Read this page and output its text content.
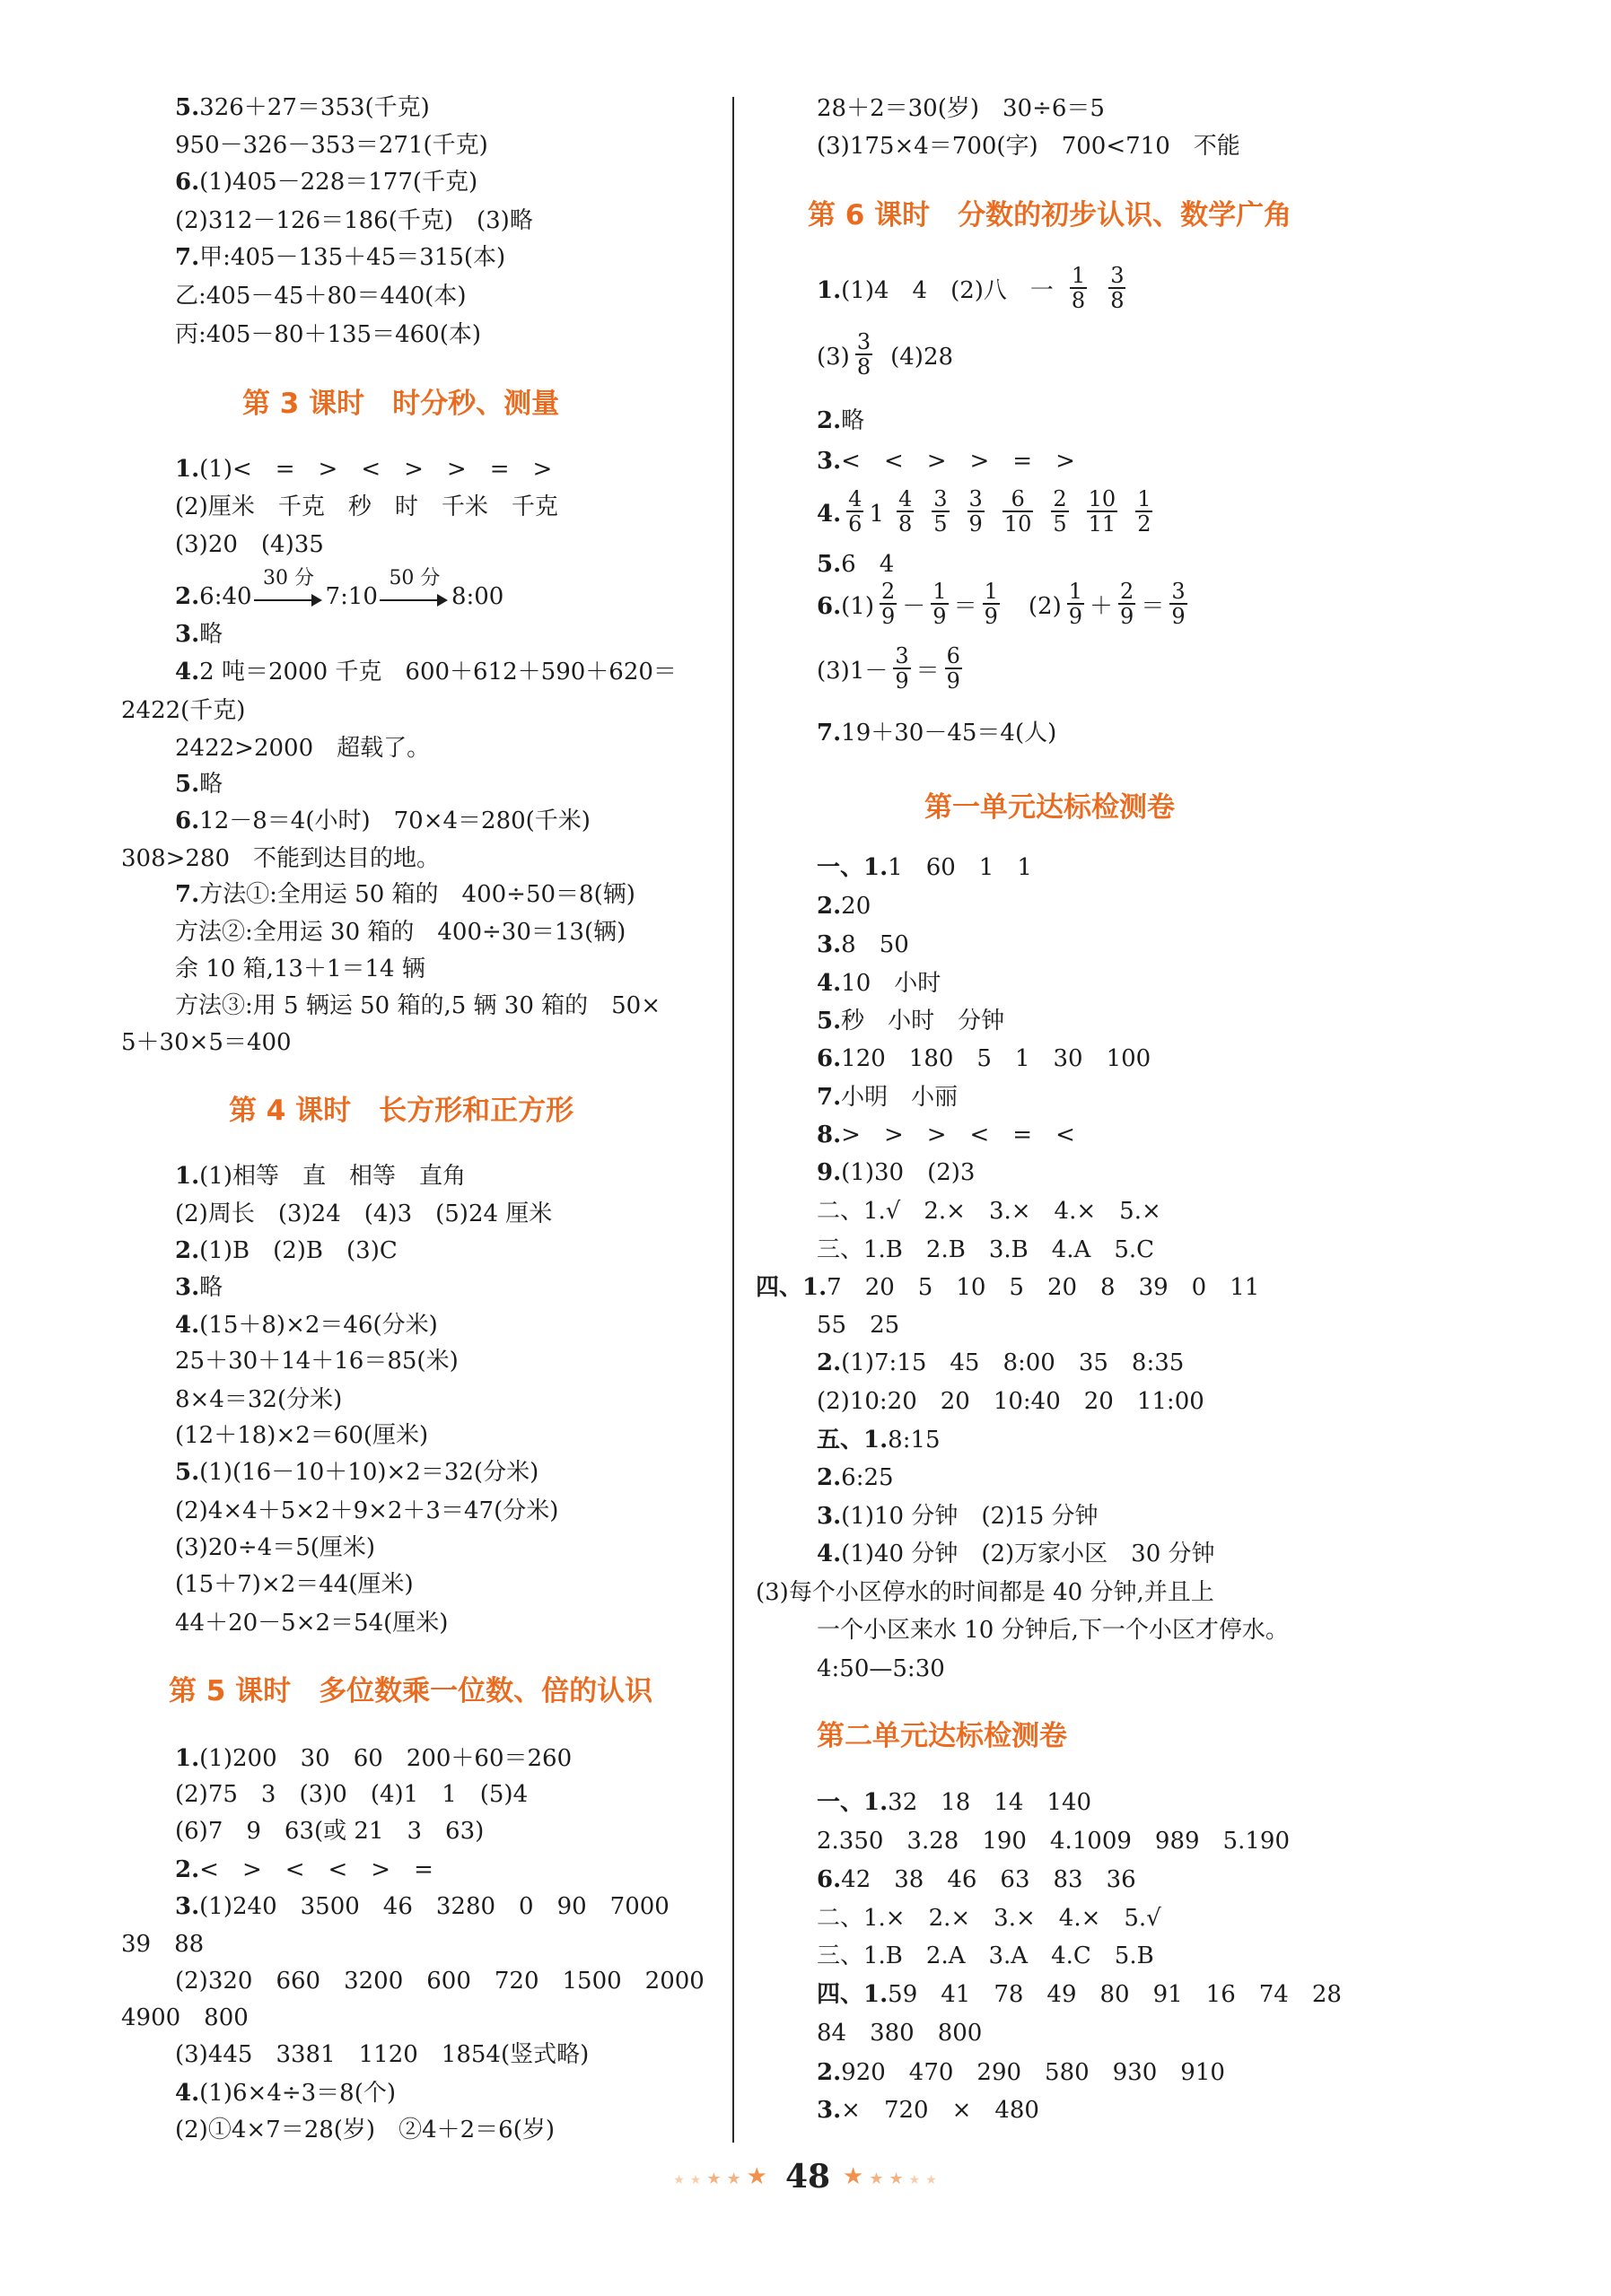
5.326＋27＝353(千克)
950－326－353＝271(千克)
6.(1)405－228＝177(千克)
(2)312－126＝186(千克)　(3)略
7.甲:405－135＋45＝315(本)
乙:405－45＋80＝440(本)
丙:405－80＋135＝460(本)
第 3 课时　时分秒、测量
1.(1)<　=　>　<　>　>　=　>
(2)厘米　千克　秒　时　千米　千克
(3)20　(4)35
2.6:40
30 分
7:10
50 分
8:00
3.略
4.2 吨＝2000 千克　600＋612＋590＋620＝
2422(千克)
2422>2000　超载了。
5.略
6.12－8＝4(小时)　70×4＝280(千米)
308>280　不能到达目的地。
7.方法①:全用运 50 箱的　400÷50＝8(辆)
方法②:全用运 30 箱的　400÷30＝13(辆)
余 10 箱,13＋1＝14 辆
方法③:用 5 辆运 50 箱的,5 辆 30 箱的　50×
5＋30×5＝400
第 4 课时　长方形和正方形
1.(1)相等　直　相等　直角
(2)周长　(3)24　(4)3　(5)24 厘米
2.(1)B　(2)B　(3)C
3.略
4.(15＋8)×2＝46(分米)
25＋30＋14＋16＝85(米)
8×4＝32(分米)
(12＋18)×2＝60(厘米)
5.(1)(16－10＋10)×2＝32(分米)
(2)4×4＋5×2＋9×2＋3＝47(分米)
(3)20÷4＝5(厘米)
(15＋7)×2＝44(厘米)
44＋20－5×2＝54(厘米)
第 5 课时　多位数乘一位数、倍的认识
1.(1)200　30　60　200＋60＝260
(2)75　3　(3)0　(4)1　1　(5)4
(6)7　9　63(或 21　3　63)
2.<　>　<　<　>　=
3.(1)240　3500　46　3280　0　90　7000
39　88
(2)320　660　3200　600　720　1500　2000
4900　800
(3)445　3381　1120　1854(竖式略)
4.(1)6×4÷3＝8(个)
(2)①4×7＝28(岁)　②4＋2＝6(岁)
28＋2＝30(岁)　30÷6＝5
(3)175×4＝700(字)　700<710　不能
第 6 课时　分数的初步认识、数学广角
1.(1)4　4　(2)八　一 $\frac{1}{8} \frac{3}{8}$
$(3) \frac{3}{8} (4)28$
2.略
3.<　<　>　>　=　>
4. $\frac{4}{6} 1 \frac{4}{8} \frac{3}{5} \frac{3}{9} \frac{6}{10} \frac{2}{5} \frac{10}{11} \frac{1}{2}$
5.6　4
$6.(1) \frac{2}{9} - \frac{1}{9} = \frac{1}{9}$
　 $(2) \frac{1}{9} + \frac{2}{9} = \frac{3}{9}$
$(3)1- \frac{3}{9} = \frac{6}{9}$
7.19＋30－45＝4(人)
第一单元达标检测卷
一、1.1　60　1　1
2.20
3.8　50
4.10　小时
5.秒　小时　分钟
6.120　180　5　1　30　100
7.小明　小丽
8.>　>　>　<　=　<
9.(1)30　(2)3
二、1.√　2.×　3.×　4.×　5.×
三、1.B　2.B　3.B　4.A　5.C
四、1.7　20　5　10　5　20　8　39　0　11
55　25
2.(1)7:15　45　8:00　35　8:35
(2)10:20　20　10:40　20　11:00
五、1.8:15
2.6:25
3.(1)10 分钟　(2)15 分钟
4.(1)40 分钟　(2)万家小区　30 分钟
(3)每个小区停水的时间都是 40 分钟,并且上
一个小区来水 10 分钟后,下一个小区才停水。
4:50—5:30
第二单元达标检测卷
一、1.32　18　14　140
2.350　3.28　190　4.1009　989　5.190
6.42　38　46　63　83　36
二、1.×　2.×　3.×　4.×　5.√
三、1.B　2.A　3.A　4.C　5.B
四、1.59　41　78　49　80　91　16　74　28
84　380　800
2.920　470　290　580　930　910
3.×　720　×　480
★★★★★ 48 ★★★★★
